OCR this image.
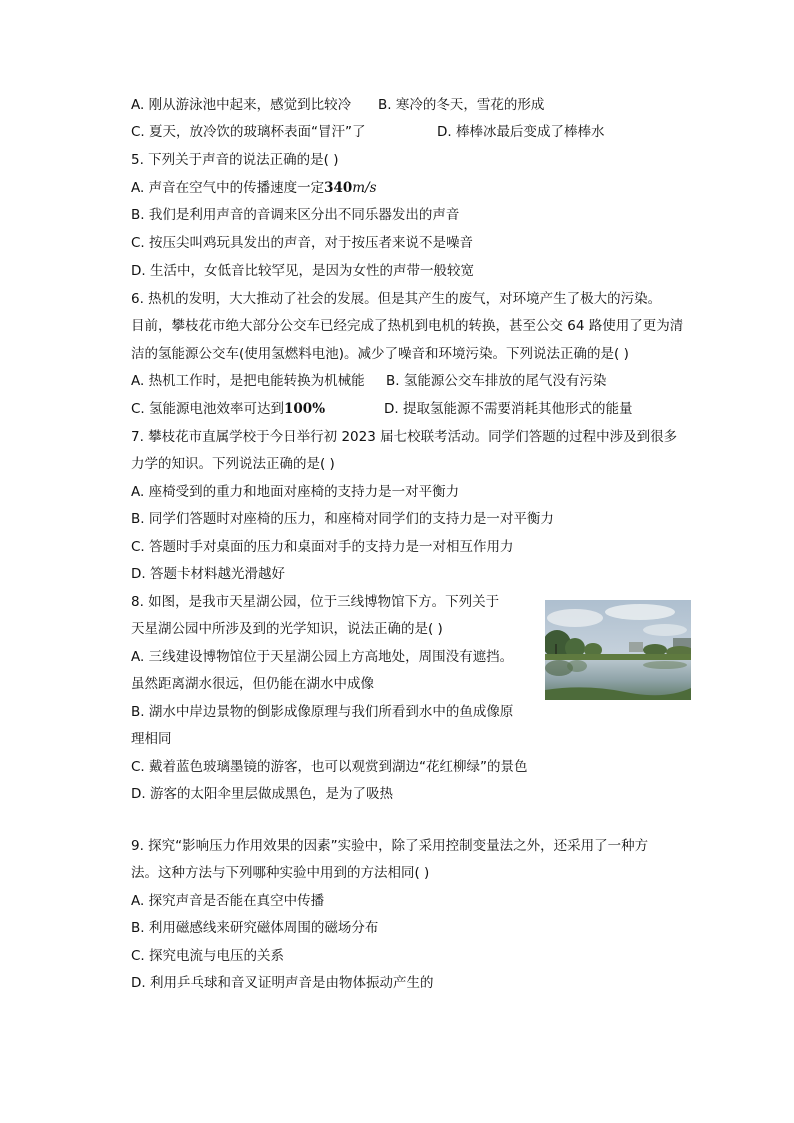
A. 刚从游泳池中起来，感觉到比较冷 B. 寒冷的冬天，雪花的形成
C. 夏天，放冷饮的玻璃杯表面“冒汗”了	D. 棒棒冰最后变成了棒棒水
5. 下列关于声音的说法正确的是( )
A. 声音在空气中的传播速度一定340m/s
B. 我们是利用声音的音调来区分出不同乐器发出的声音
C. 按压尖叫鸡玩具发出的声音，对于按压者来说不是噪音
D. 生活中，女低音比较罕见，是因为女性的声带一般较宽
6. 热机的发明，大大推动了社会的发展。但是其产生的废气，对环境产生了极大的污染。
目前，攀枝花市绝大部分公交车已经完成了热机到电机的转换，甚至公交 64 路使用了更为清
洁的氢能源公交车(使用氢燃料电池)。减少了噪音和环境污染。下列说法正确的是( )
A. 热机工作时，是把电能转换为机械能 B. 氢能源公交车排放的尾气没有污染
C. 氢能源电池效率可达到100%	D. 提取氢能源不需要消耗其他形式的能量
7. 攀枝花市直属学校于今日举行初 2023 届七校联考活动。同学们答题的过程中涉及到很多
力学的知识。下列说法正确的是( )
A. 座椅受到的重力和地面对座椅的支持力是一对平衡力
B. 同学们答题时对座椅的压力，和座椅对同学们的支持力是一对平衡力
C. 答题时手对桌面的压力和桌面对手的支持力是一对相互作用力
D. 答题卡材料越光滑越好
8. 如图，是我市天星湖公园，位于三线博物馆下方。下列关于
天星湖公园中所涉及到的光学知识，说法正确的是( )
A. 三线建设博物馆位于天星湖公园上方高地处，周围没有遮挡。
虽然距离湖水很远，但仍能在湖水中成像
B. 湖水中岸边景物的倒影成像原理与我们所看到水中的鱼成像原
理相同
C. 戴着蓝色玻璃墨镜的游客，也可以观赏到湖边“花红柳绿”的景色
D. 游客的太阳伞里层做成黑色，是为了吸热
9. 探究“影响压力作用效果的因素”实验中，除了采用控制变量法之外，还采用了一种方
法。这种方法与下列哪种实验中用到的方法相同( )
A. 探究声音是否能在真空中传播
B. 利用磁感线来研究磁体周围的磁场分布
C. 探究电流与电压的关系
D. 利用乒乓球和音叉证明声音是由物体振动产生的
